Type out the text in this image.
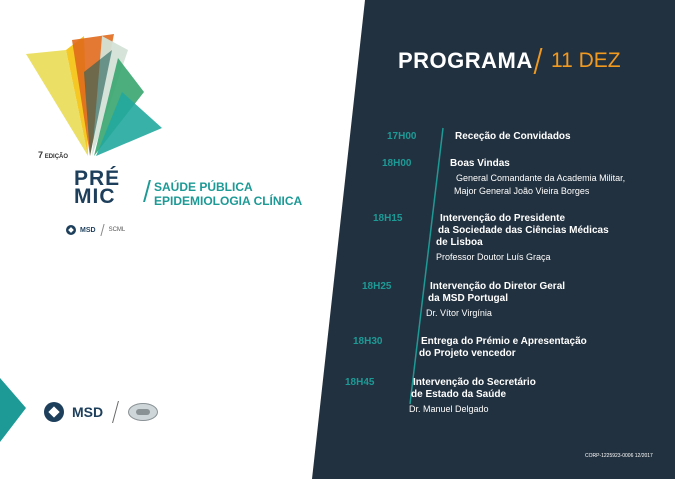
7 EDIÇÃO
PRÉ
MIC	SAÚDE PÚBLICA
EPIDEMIOLOGIA CLÍNICA
MSD SCML
MSD
PROGRAMA 11 DEZ
17H00	Receção de Convidados
18H00	Boas Vindas
General Comandante da Academia Militar,
Major General João Vieira Borges
18H15	Intervenção do Presidente
da Sociedade das Ciências Médicas
de Lisboa
Professor Doutor Luís Graça
18H25	Intervenção do Diretor Geral
da MSD Portugal
Dr. Vítor Virgínia
18H30	Entrega do Prémio e Apresentação
do Projeto vencedor
18H45	Intervenção do Secretário
de Estado da Saúde
Dr. Manuel Delgado
CORP-1225923-0006 12/2017
